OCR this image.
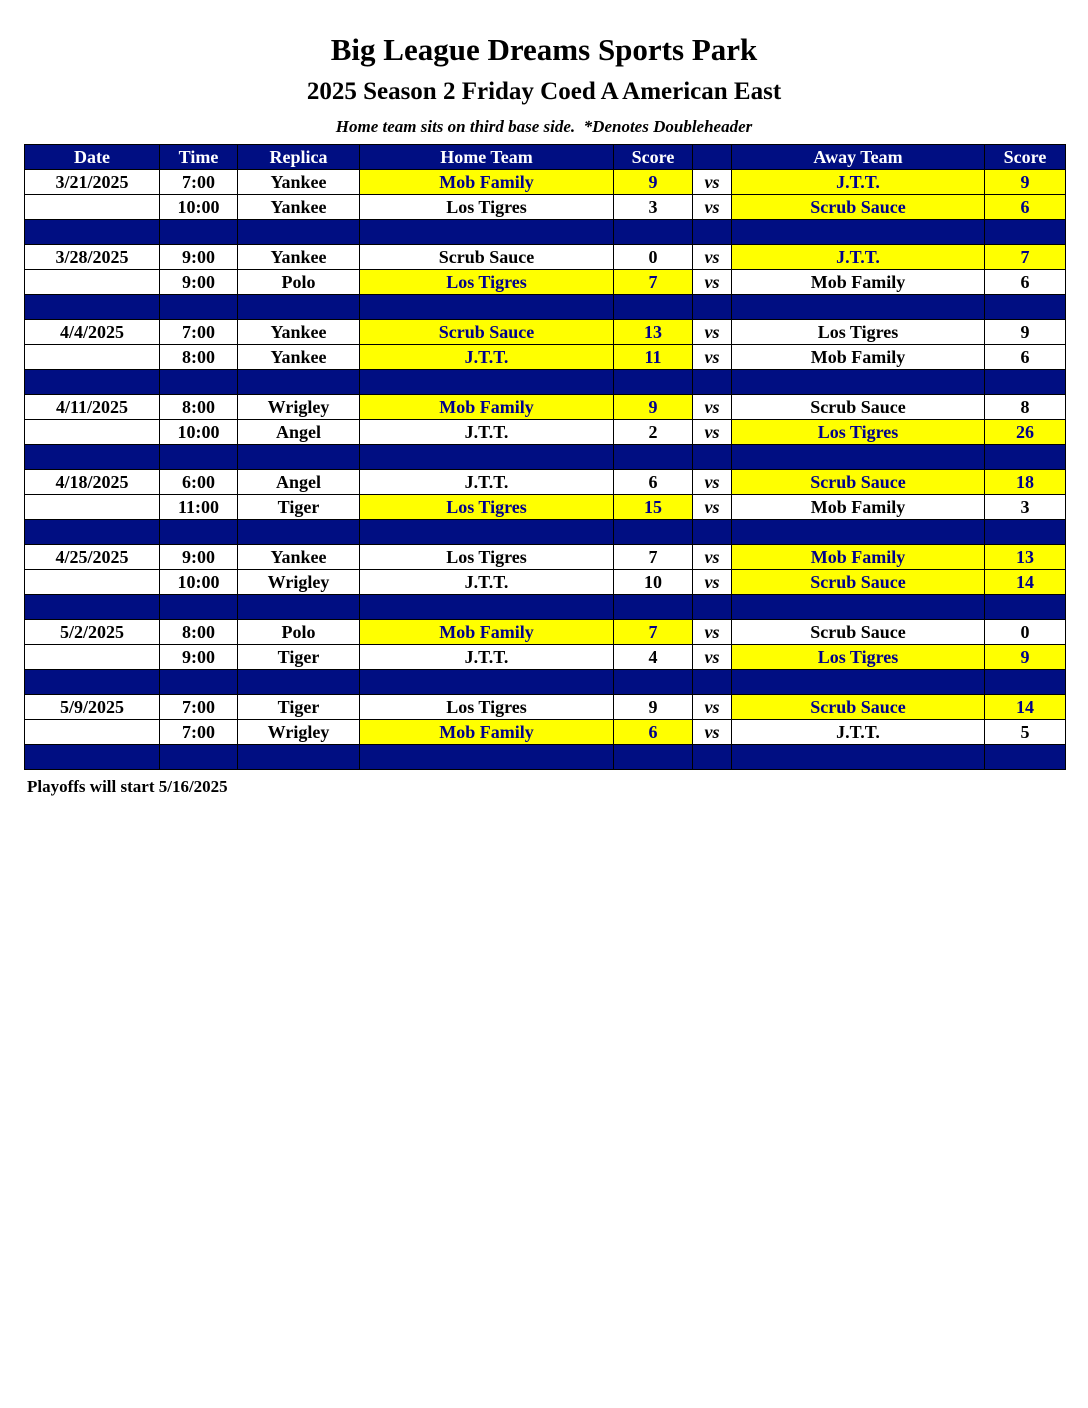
Big League Dreams Sports Park
2025 Season 2 Friday Coed A American East
Home team sits on third base side.  *Denotes Doubleheader
Date	Time	Replica	Home Team	Score		Away Team	Score
3/21/2025	7:00	Yankee	Mob Family	9	vs	J.T.T.	9
	10:00	Yankee	Los Tigres	3	vs	Scrub Sauce	6

3/28/2025	9:00	Yankee	Scrub Sauce	0	vs	J.T.T.	7
	9:00	Polo	Los Tigres	7	vs	Mob Family	6

4/4/2025	7:00	Yankee	Scrub Sauce	13	vs	Los Tigres	9
	8:00	Yankee	J.T.T.	11	vs	Mob Family	6

4/11/2025	8:00	Wrigley	Mob Family	9	vs	Scrub Sauce	8
	10:00	Angel	J.T.T.	2	vs	Los Tigres	26

4/18/2025	6:00	Angel	J.T.T.	6	vs	Scrub Sauce	18
	11:00	Tiger	Los Tigres	15	vs	Mob Family	3

4/25/2025	9:00	Yankee	Los Tigres	7	vs	Mob Family	13
	10:00	Wrigley	J.T.T.	10	vs	Scrub Sauce	14

5/2/2025	8:00	Polo	Mob Family	7	vs	Scrub Sauce	0
	9:00	Tiger	J.T.T.	4	vs	Los Tigres	9

5/9/2025	7:00	Tiger	Los Tigres	9	vs	Scrub Sauce	14
	7:00	Wrigley	Mob Family	6	vs	J.T.T.	5

Playoffs will start 5/16/2025
